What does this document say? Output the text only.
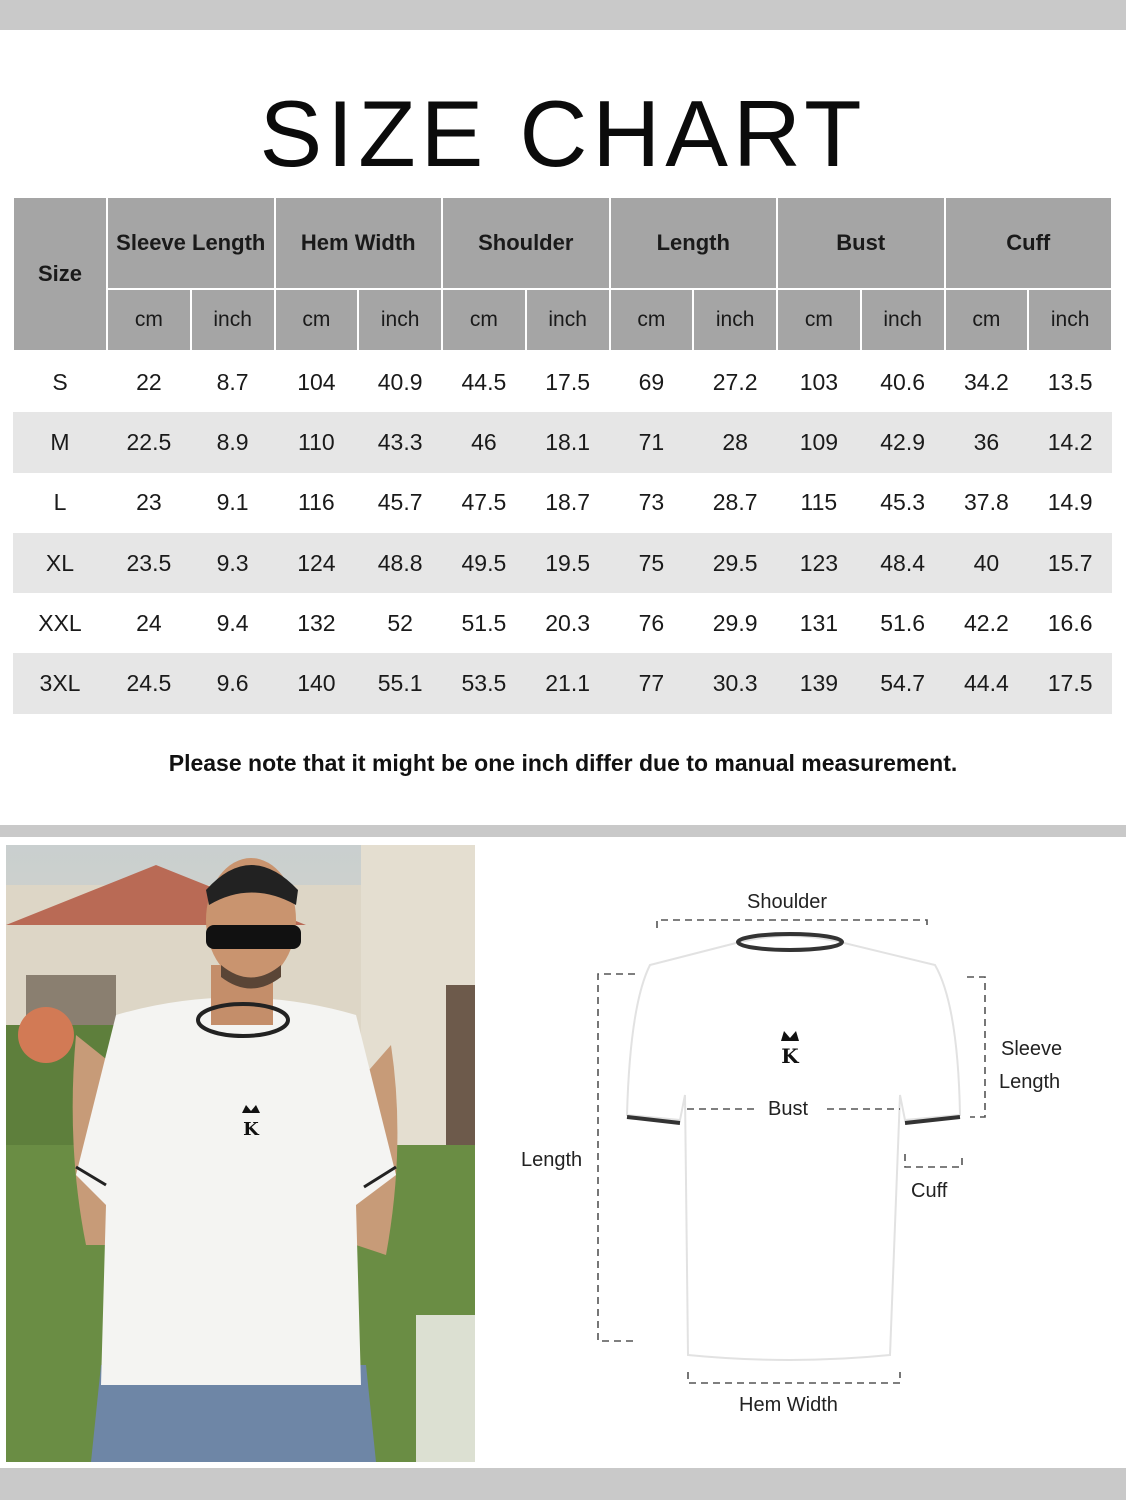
SIZE CHART
Size	Sleeve Length		Hem Width		Shoulder		Length		Bust		Cuff	
	cm	inch	cm	inch	cm	inch	cm	inch	cm	inch	cm	inch
S	22	8.7	104	40.9	44.5	17.5	69	27.2	103	40.6	34.2	13.5
M	22.5	8.9	110	43.3	46	18.1	71	28	109	42.9	36	14.2
L	23	9.1	116	45.7	47.5	18.7	73	28.7	115	45.3	37.8	14.9
XL	23.5	9.3	124	48.8	49.5	19.5	75	29.5	123	48.4	40	15.7
XXL	24	9.4	132	52	51.5	20.3	76	29.9	131	51.6	42.2	16.6
3XL	24.5	9.6	140	55.1	53.5	21.1	77	30.3	139	54.7	44.4	17.5
Please note that it might be one inch differ due to manual measurement.
K
K
Shoulder
Sleeve
Length
Bust
Length
Cuff
Hem Width
